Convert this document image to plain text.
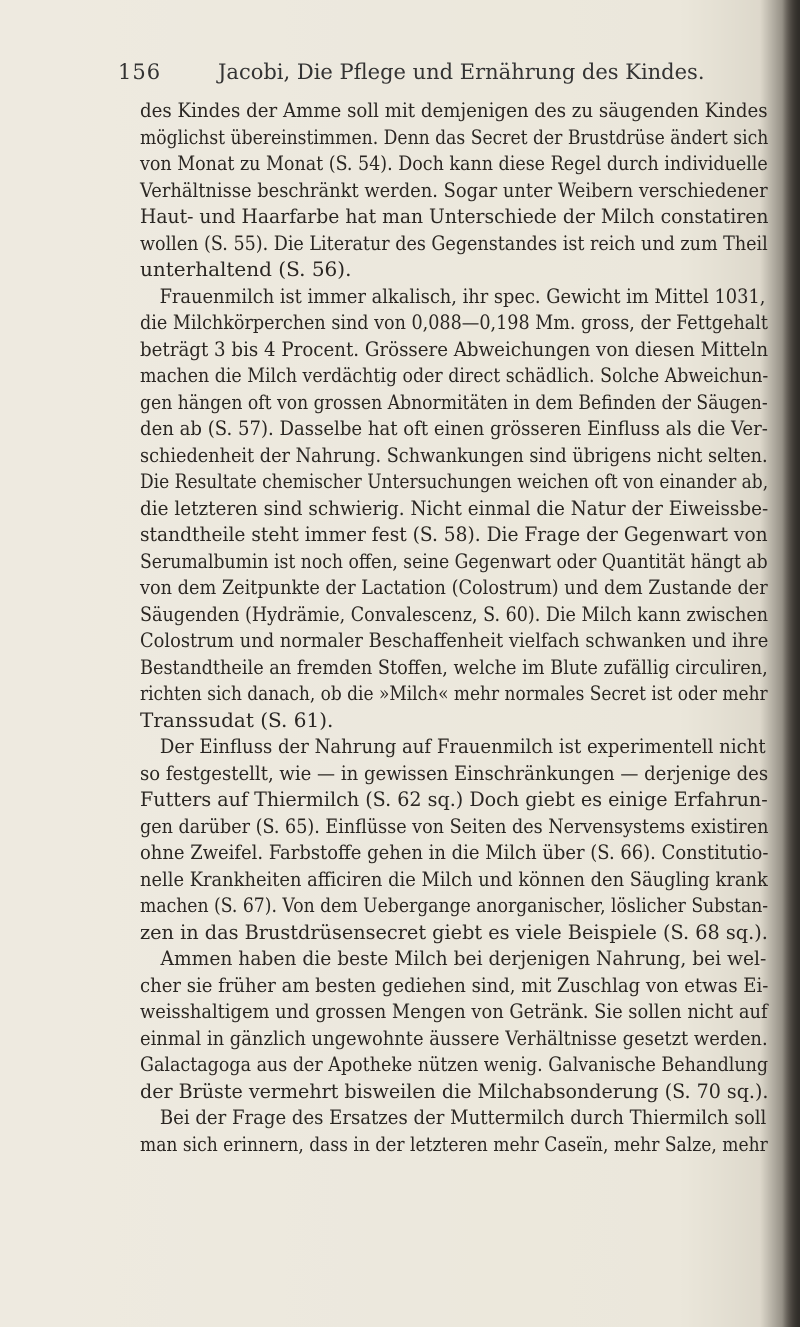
156	Jacobi, Die Pflege und Ernährung des Kindes.
des Kindes der Amme soll mit demjenigen des zu säugenden Kindes
möglichst übereinstimmen. Denn das Secret der Brustdrüse ändert sich
von Monat zu Monat (S. 54). Doch kann diese Regel durch individuelle
Verhältnisse beschränkt werden. Sogar unter Weibern verschiedener
Haut- und Haarfarbe hat man Unterschiede der Milch constatiren
wollen (S. 55). Die Literatur des Gegenstandes ist reich und zum Theil
unterhaltend (S. 56).
Frauenmilch ist immer alkalisch, ihr spec. Gewicht im Mittel 1031,
die Milchkörperchen sind von 0,088—0,198 Mm. gross, der Fettgehalt
beträgt 3 bis 4 Procent. Grössere Abweichungen von diesen Mitteln
machen die Milch verdächtig oder direct schädlich. Solche Abweichun-
gen hängen oft von grossen Abnormitäten in dem Befinden der Säugen-
den ab (S. 57). Dasselbe hat oft einen grösseren Einfluss als die Ver-
schiedenheit der Nahrung. Schwankungen sind übrigens nicht selten.
Die Resultate chemischer Untersuchungen weichen oft von einander ab,
die letzteren sind schwierig. Nicht einmal die Natur der Eiweissbe-
standtheile steht immer fest (S. 58). Die Frage der Gegenwart von
Serumalbumin ist noch offen, seine Gegenwart oder Quantität hängt ab
von dem Zeitpunkte der Lactation (Colostrum) und dem Zustande der
Säugenden (Hydrämie, Convalescenz, S. 60). Die Milch kann zwischen
Colostrum und normaler Beschaffenheit vielfach schwanken und ihre
Bestandtheile an fremden Stoffen, welche im Blute zufällig circuliren,
richten sich danach, ob die »Milch« mehr normales Secret ist oder mehr
Transsudat (S. 61).
Der Einfluss der Nahrung auf Frauenmilch ist experimentell nicht
so festgestellt, wie — in gewissen Einschränkungen — derjenige des
Futters auf Thiermilch (S. 62 sq.) Doch giebt es einige Erfahrun-
gen darüber (S. 65). Einflüsse von Seiten des Nervensystems existiren
ohne Zweifel. Farbstoffe gehen in die Milch über (S. 66). Constitutio-
nelle Krankheiten afficiren die Milch und können den Säugling krank
machen (S. 67). Von dem Uebergange anorganischer, löslicher Substan-
zen in das Brustdrüsensecret giebt es viele Beispiele (S. 68 sq.).
Ammen haben die beste Milch bei derjenigen Nahrung, bei wel-
cher sie früher am besten gediehen sind, mit Zuschlag von etwas Ei-
weisshaltigem und grossen Mengen von Getränk. Sie sollen nicht auf
einmal in gänzlich ungewohnte äussere Verhältnisse gesetzt werden.
Galactagoga aus der Apotheke nützen wenig. Galvanische Behandlung
der Brüste vermehrt bisweilen die Milchabsonderung (S. 70 sq.).
Bei der Frage des Ersatzes der Muttermilch durch Thiermilch soll
man sich erinnern, dass in der letzteren mehr Caseïn, mehr Salze, mehr
